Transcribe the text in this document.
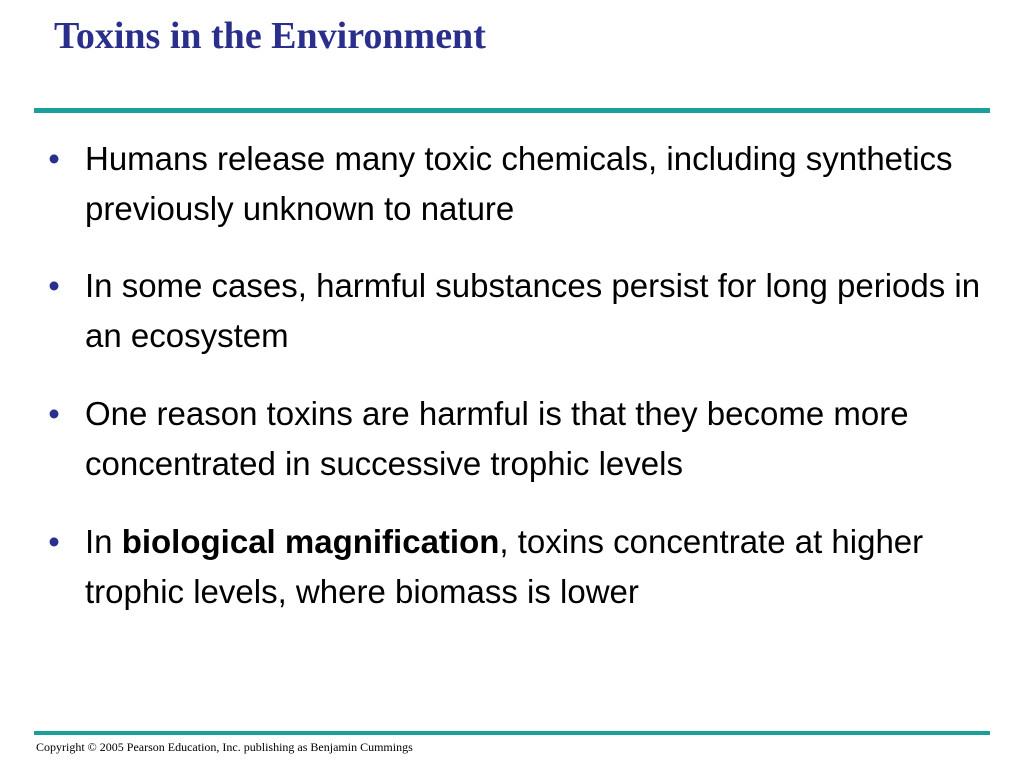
Toxins in the Environment
• Humans release many toxic chemicals, including synthetics previously unknown to nature
• In some cases, harmful substances persist for long periods in an ecosystem
• One reason toxins are harmful is that they become more concentrated in successive trophic levels
• In biological magnification, toxins concentrate at higher trophic levels, where biomass is lower

Copyright © 2005 Pearson Education, Inc. publishing as Benjamin Cummings
